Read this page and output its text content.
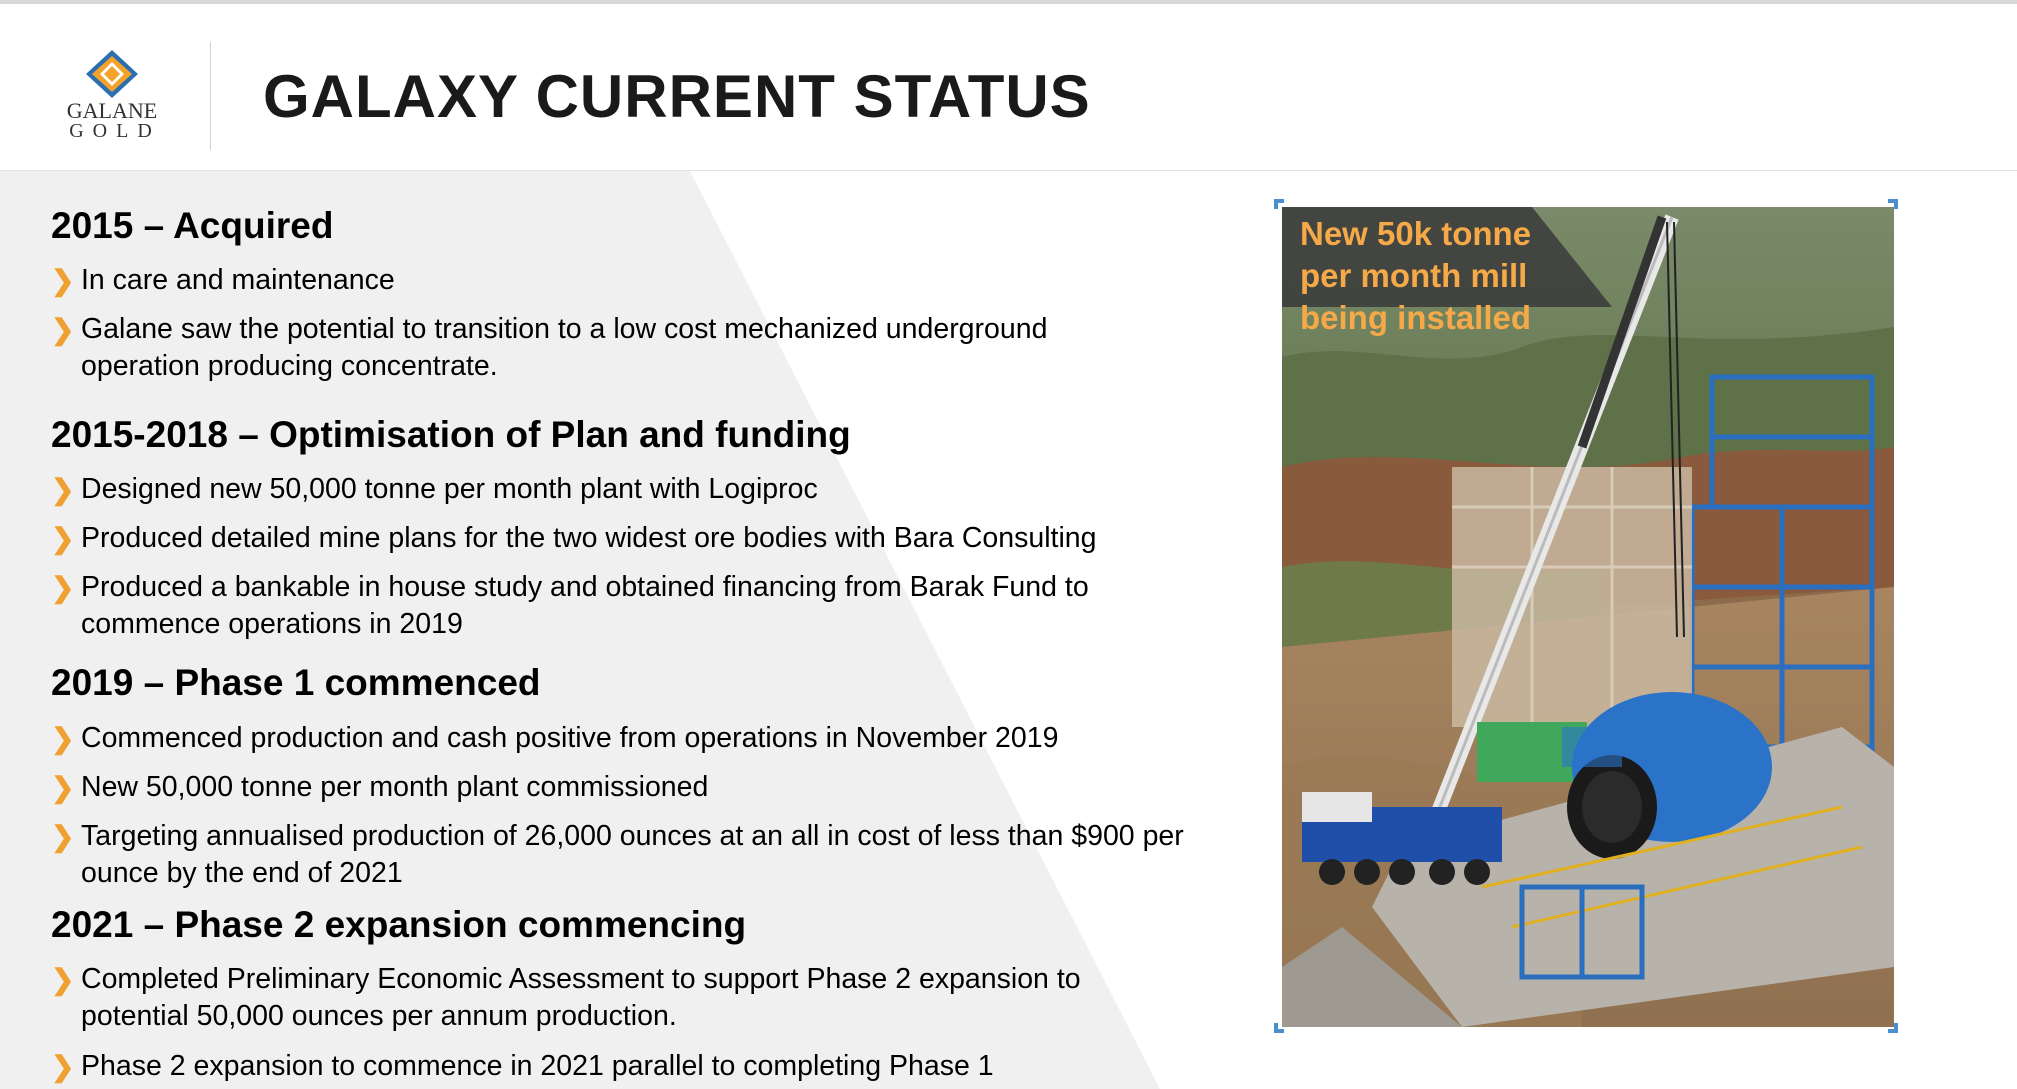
GALANE
GOLD
GALAXY CURRENT STATUS
2015 – Acquired
❯ In care and maintenance
❯ Galane saw the potential to transition to a low cost mechanized underground operation producing concentrate.
2015-2018 – Optimisation of Plan and funding
❯ Designed new 50,000 tonne per month plant with Logiproc
❯ Produced detailed mine plans for the two widest ore bodies with Bara Consulting
❯ Produced a bankable in house study and obtained financing from Barak Fund to commence operations in 2019
2019 – Phase 1 commenced
❯ Commenced production and cash positive from operations in November 2019
❯ New 50,000 tonne per month plant commissioned
❯ Targeting annualised production of 26,000 ounces at an all in cost of less than $900 per ounce by the end of 2021
2021 – Phase 2 expansion commencing
❯ Completed Preliminary Economic Assessment to support Phase 2 expansion to potential 50,000 ounces per annum production.
❯ Phase 2 expansion to commence in 2021 parallel to completing Phase 1
New 50k tonne per month mill being installed
